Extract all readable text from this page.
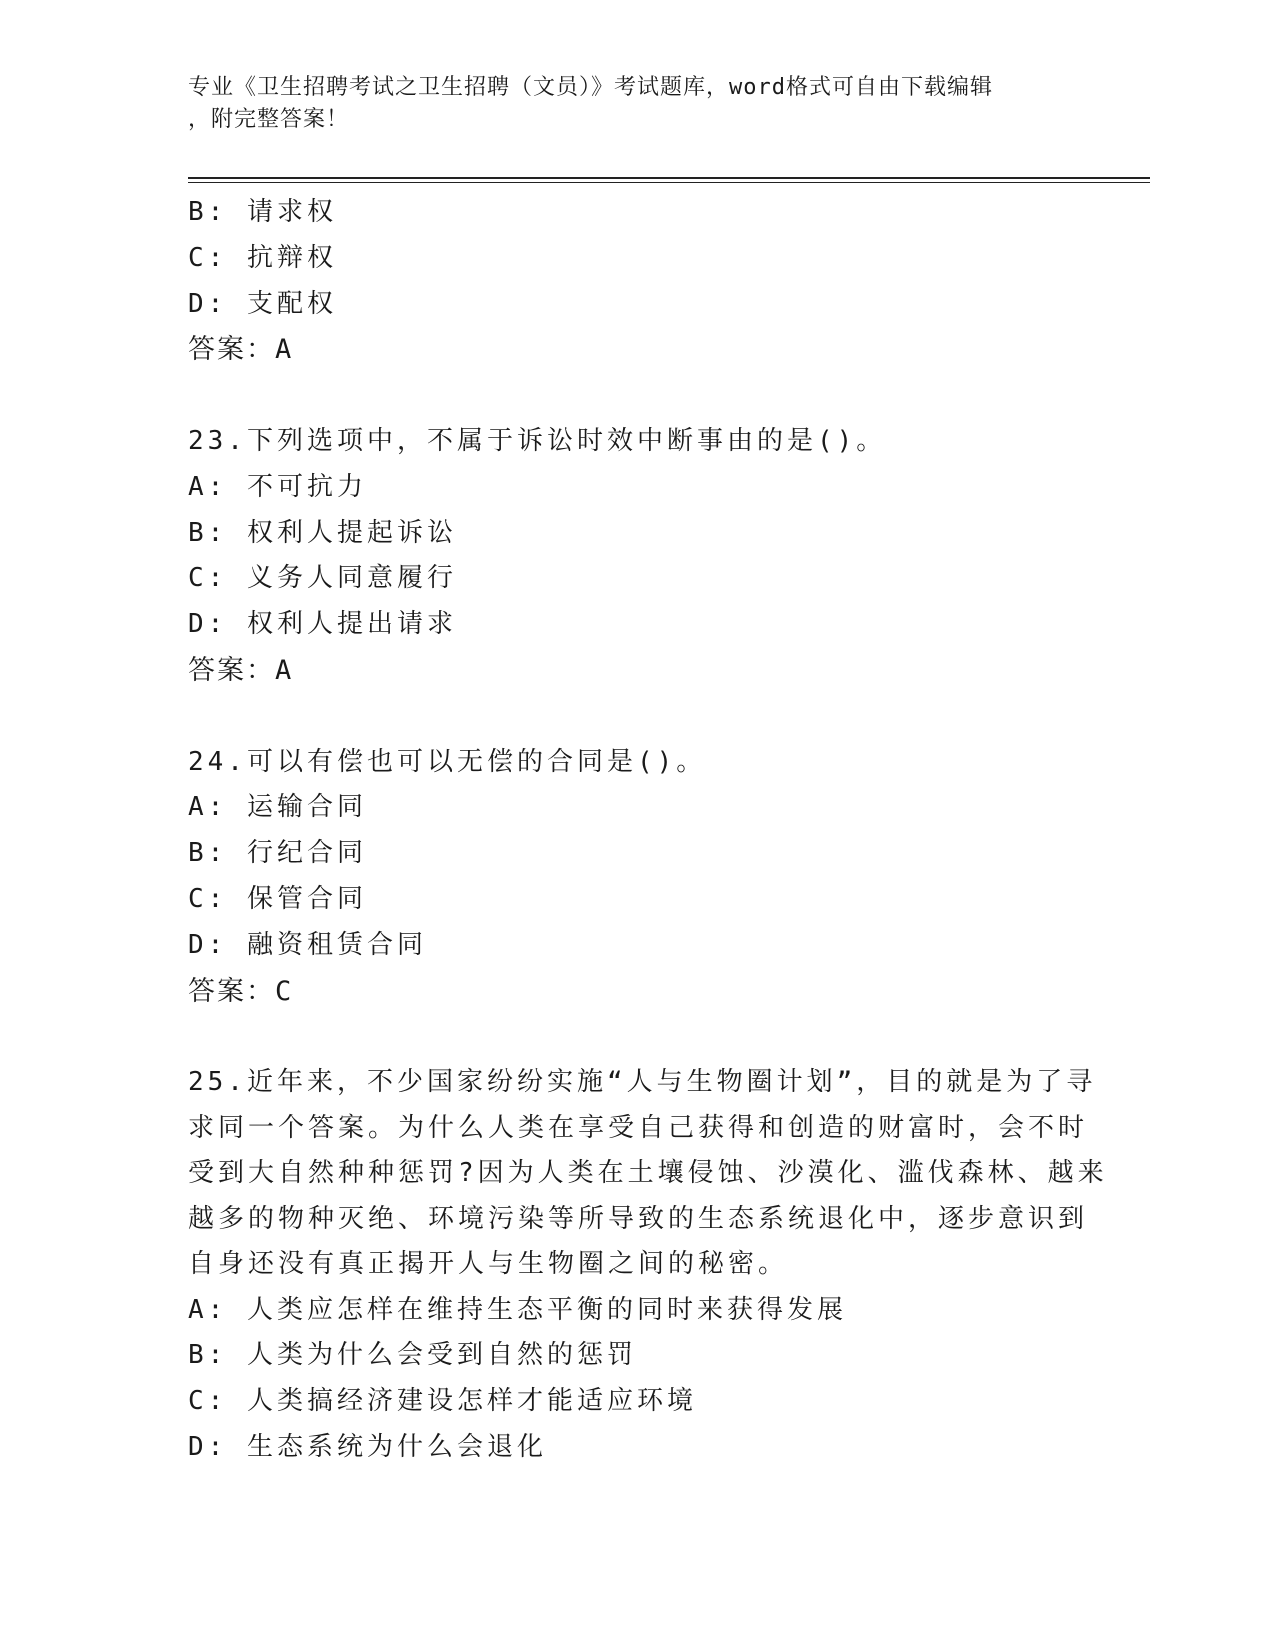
专业《卫生招聘考试之卫生招聘（文员）》考试题库，word格式可自由下载编辑
，附完整答案！
B: 请求权
C: 抗辩权
D: 支配权
答案：A
23.下列选项中，不属于诉讼时效中断事由的是()。
A: 不可抗力
B: 权利人提起诉讼
C: 义务人同意履行
D: 权利人提出请求
答案：A
24.可以有偿也可以无偿的合同是()。
A: 运输合同
B: 行纪合同
C: 保管合同
D: 融资租赁合同
答案：C
25.近年来，不少国家纷纷实施“人与生物圈计划”，目的就是为了寻
求同一个答案。为什么人类在享受自己获得和创造的财富时，会不时
受到大自然种种惩罚?因为人类在土壤侵蚀、沙漠化、滥伐森林、越来
越多的物种灭绝、环境污染等所导致的生态系统退化中，逐步意识到
自身还没有真正揭开人与生物圈之间的秘密。
A: 人类应怎样在维持生态平衡的同时来获得发展
B: 人类为什么会受到自然的惩罚
C: 人类搞经济建设怎样才能适应环境
D: 生态系统为什么会退化
